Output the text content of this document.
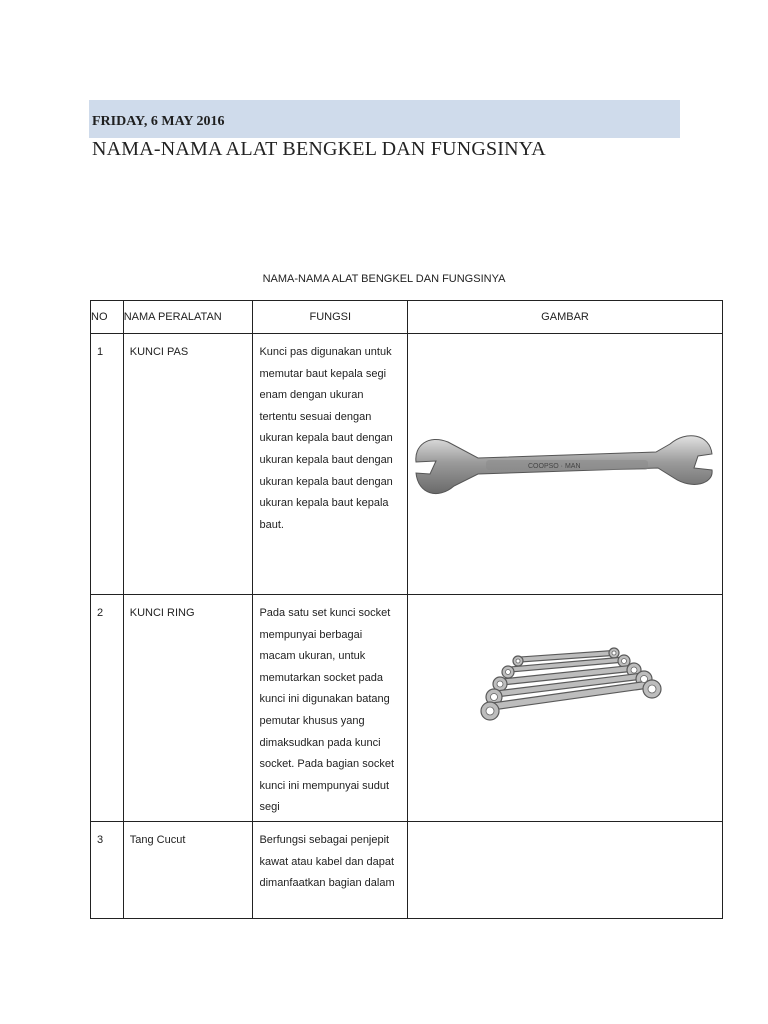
FRIDAY, 6 MAY 2016
NAMA-NAMA ALAT BENGKEL DAN FUNGSINYA
NAMA-NAMA ALAT BENGKEL DAN FUNGSINYA
NO	NAMA PERALATAN	FUNGSI	GAMBAR

1	KUNCI PAS	Kunci pas digunakan untuk memutar baut kepala segi enam dengan ukuran tertentu sesuai dengan ukuran kepala baut dengan ukuran kepala baut dengan ukuran kepala baut dengan ukuran kepala baut kepala baut.	COOPSO · MAN

2	KUNCI RING	Pada satu set kunci socket mempunyai berbagai macam ukuran, untuk memutarkan socket pada kunci ini digunakan batang pemutar khusus yang dimaksudkan pada kunci socket. Pada bagian socket kunci ini mempunyai sudut segi

3	Tang Cucut	Berfungsi sebagai penjepit kawat atau kabel dan dapat dimanfaatkan bagian dalam	
